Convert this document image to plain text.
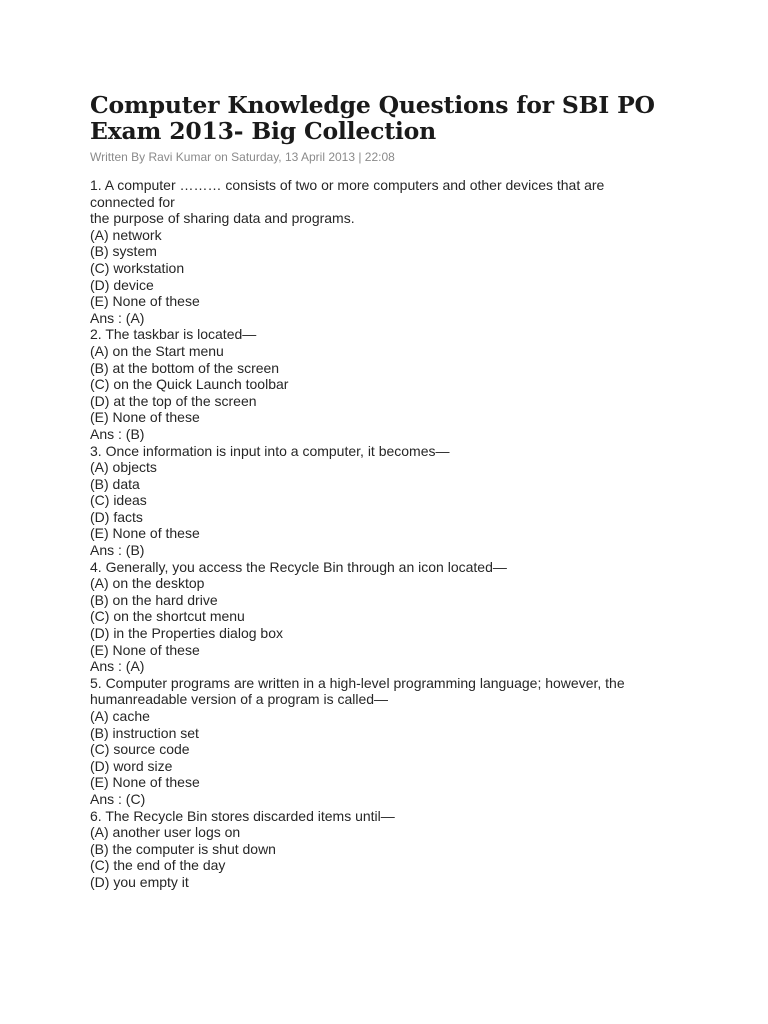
Computer Knowledge Questions for SBI PO Exam 2013- Big Collection
Written By Ravi Kumar on Saturday, 13 April 2013 | 22:08
1. A computer ……… consists of two or more computers and other devices that are
connected for
the purpose of sharing data and programs.
(A) network
(B) system
(C) workstation
(D) device
(E) None of these
Ans : (A)
2. The taskbar is located—
(A) on the Start menu
(B) at the bottom of the screen
(C) on the Quick Launch toolbar
(D) at the top of the screen
(E) None of these
Ans : (B)
3. Once information is input into a computer, it becomes—
(A) objects
(B) data
(C) ideas
(D) facts
(E) None of these
Ans : (B)
4. Generally, you access the Recycle Bin through an icon located—
(A) on the desktop
(B) on the hard drive
(C) on the shortcut menu
(D) in the Properties dialog box
(E) None of these
Ans : (A)
5. Computer programs are written in a high-level programming language; however, the
humanreadable version of a program is called—
(A) cache
(B) instruction set
(C) source code
(D) word size
(E) None of these
Ans : (C)
6. The Recycle Bin stores discarded items until—
(A) another user logs on
(B) the computer is shut down
(C) the end of the day
(D) you empty it
